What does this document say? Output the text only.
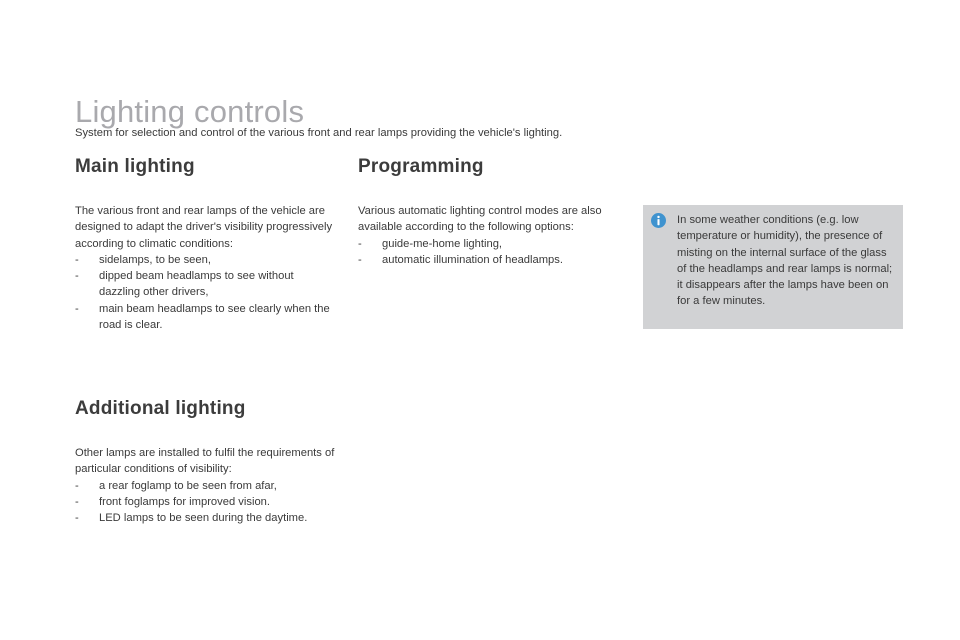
Lighting controls

System for selection and control of the various front and rear lamps providing the vehicle's lighting.

Main lighting

The various front and rear lamps of the vehicle are designed to adapt the driver's visibility progressively according to climatic conditions:

- sidelamps, to be seen,
- dipped beam headlamps to see without dazzling other drivers,
- main beam headlamps to see clearly when the road is clear.
Programming

Various automatic lighting control modes are also available according to the following options:

- guide-me-home lighting,
- automatic illumination of headlamps.

In some weather conditions (e.g. low temperature or humidity), the presence of misting on the internal surface of the glass of the headlamps and rear lamps is normal; it disappears after the lamps have been on for a few minutes.

Additional lighting

Other lamps are installed to fulfil the requirements of particular conditions of visibility:

- a rear foglamp to be seen from afar,
- front foglamps for improved vision.
- LED lamps to be seen during the daytime.
